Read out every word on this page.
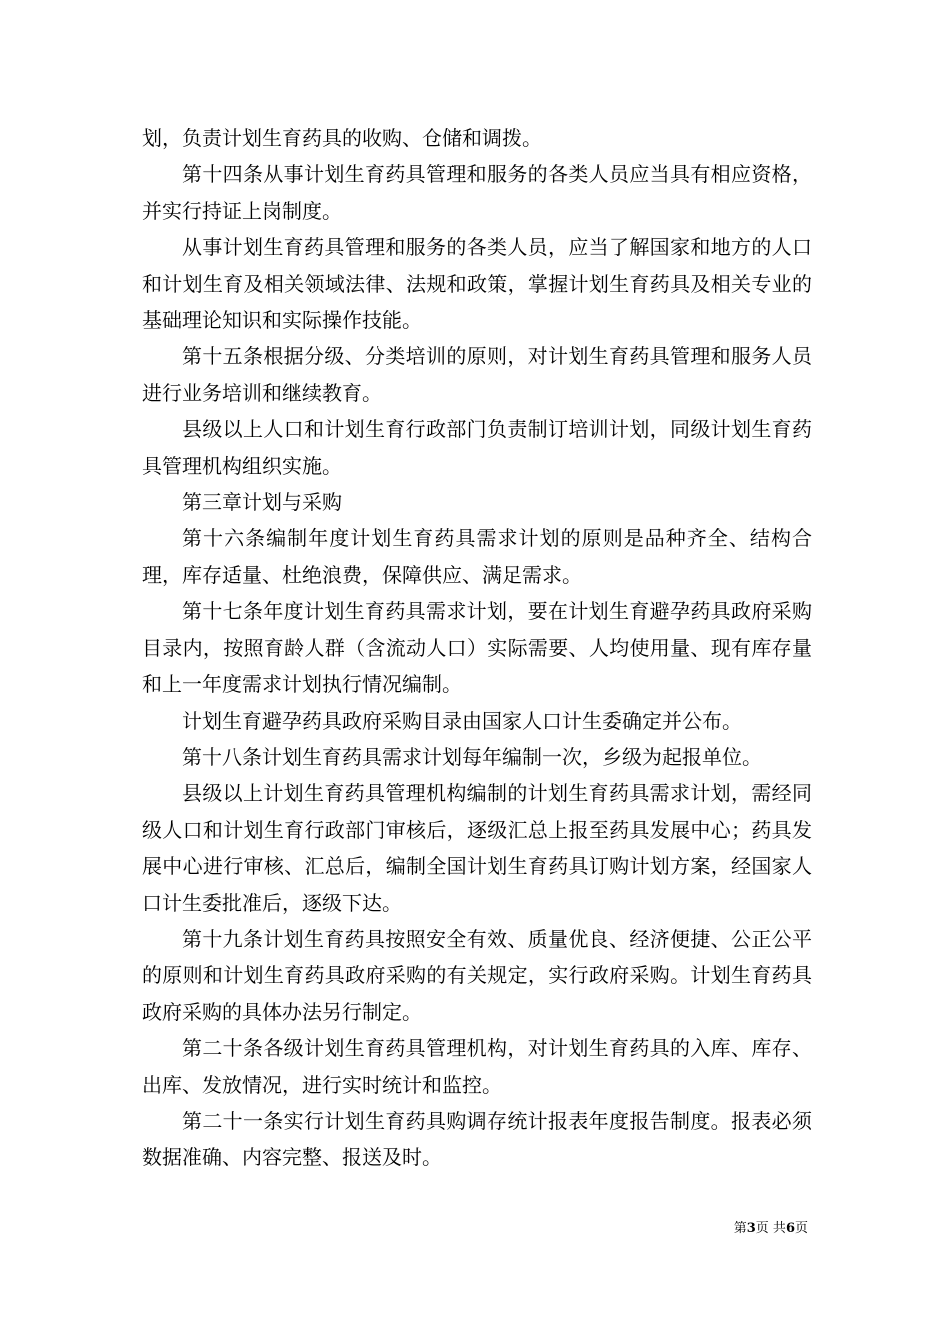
划，负责计划生育药具的收购、仓储和调拨。

第十四条从事计划生育药具管理和服务的各类人员应当具有相应资格，并实行持证上岗制度。

从事计划生育药具管理和服务的各类人员，应当了解国家和地方的人口和计划生育及相关领域法律、法规和政策，掌握计划生育药具及相关专业的基础理论知识和实际操作技能。

第十五条根据分级、分类培训的原则，对计划生育药具管理和服务人员进行业务培训和继续教育。

县级以上人口和计划生育行政部门负责制订培训计划，同级计划生育药具管理机构组织实施。

第三章计划与采购

第十六条编制年度计划生育药具需求计划的原则是品种齐全、结构合理，库存适量、杜绝浪费，保障供应、满足需求。

第十七条年度计划生育药具需求计划，要在计划生育避孕药具政府采购目录内，按照育龄人群（含流动人口）实际需要、人均使用量、现有库存量和上一年度需求计划执行情况编制。

计划生育避孕药具政府采购目录由国家人口计生委确定并公布。

第十八条计划生育药具需求计划每年编制一次，乡级为起报单位。

县级以上计划生育药具管理机构编制的计划生育药具需求计划，需经同级人口和计划生育行政部门审核后，逐级汇总上报至药具发展中心；药具发展中心进行审核、汇总后，编制全国计划生育药具订购计划方案，经国家人口计生委批准后，逐级下达。

第十九条计划生育药具按照安全有效、质量优良、经济便捷、公正公平的原则和计划生育药具政府采购的有关规定，实行政府采购。计划生育药具政府采购的具体办法另行制定。

第二十条各级计划生育药具管理机构，对计划生育药具的入库、库存、出库、发放情况，进行实时统计和监控。

第二十一条实行计划生育药具购调存统计报表年度报告制度。报表必须数据准确、内容完整、报送及时。

第3页 共6页
